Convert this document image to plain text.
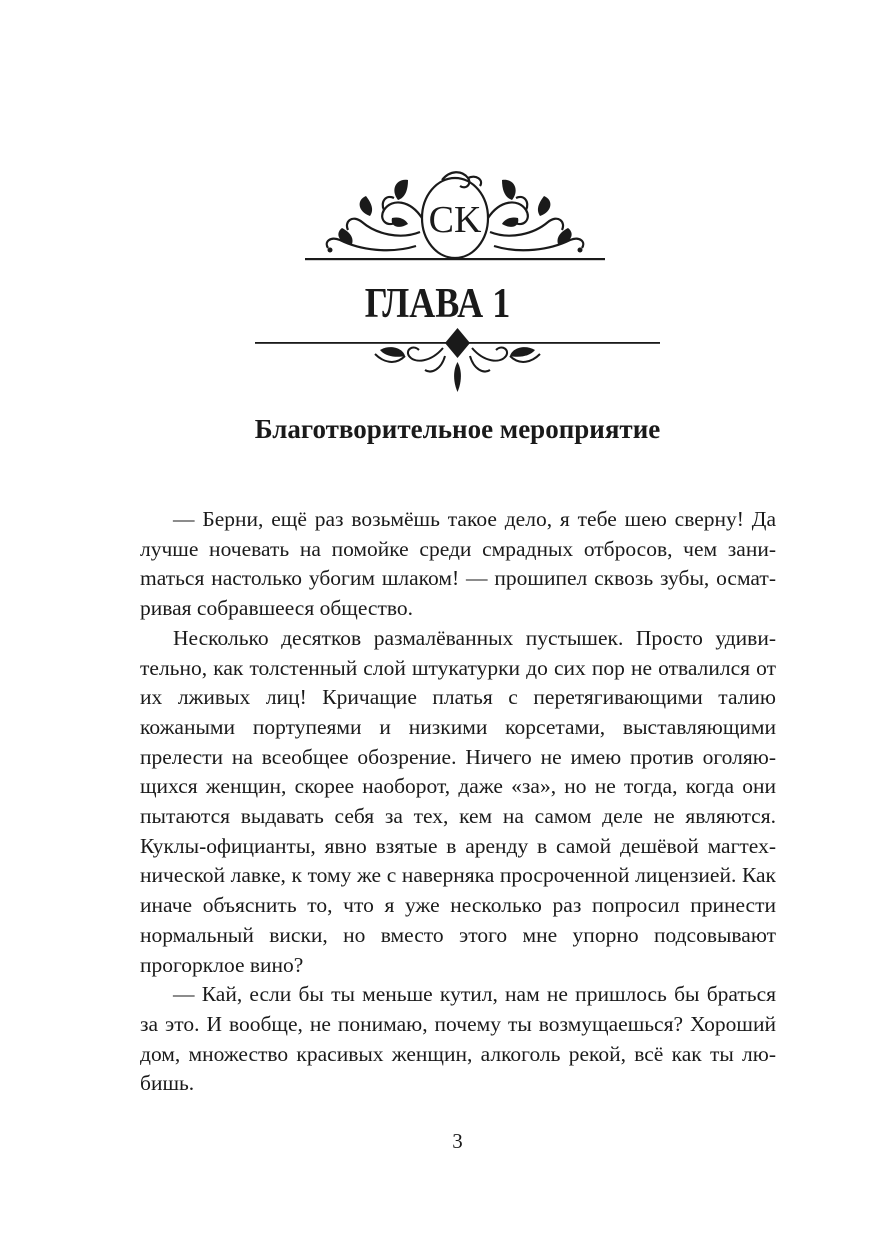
CK
ГЛАВА 1
Благотворительное мероприятие

— Берни, ещё раз возьмёшь такое дело, я тебе шею сверну! Да лучше ночевать на помойке среди смрадных отбросов, чем заниmаться настолько убогим шлаком! — прошипел сквозь зубы, осматривая собравшееся общество.

Несколько десятков размалёванных пустышек. Просто удивительно, как толстенный слой штукатурки до сих пор не отвалился от их лживых лиц! Кричащие платья с перетягивающими талию кожаными портупеями и низкими корсетами, выставляющими прелести на всеобщее обозрение. Ничего не имею против оголяющихся женщин, скорее наоборот, даже «за», но не тогда, когда они пытаются выдавать себя за тех, кем на самом деле не являются. Куклы-официанты, явно взятые в аренду в самой дешёвой магтехнической лавке, к тому же с наверняка просроченной лицензией. Как иначе объяснить то, что я уже несколько раз попросил принести нормальный виски, но вместо этого мне упорно подсовывают прогорклое вино?

— Кай, если бы ты меньше кутил, нам не пришлось бы браться за это. И вообще, не понимаю, почему ты возмущаешься? Хороший дом, множество красивых женщин, алкоголь рекой, всё как ты любишь.

3
